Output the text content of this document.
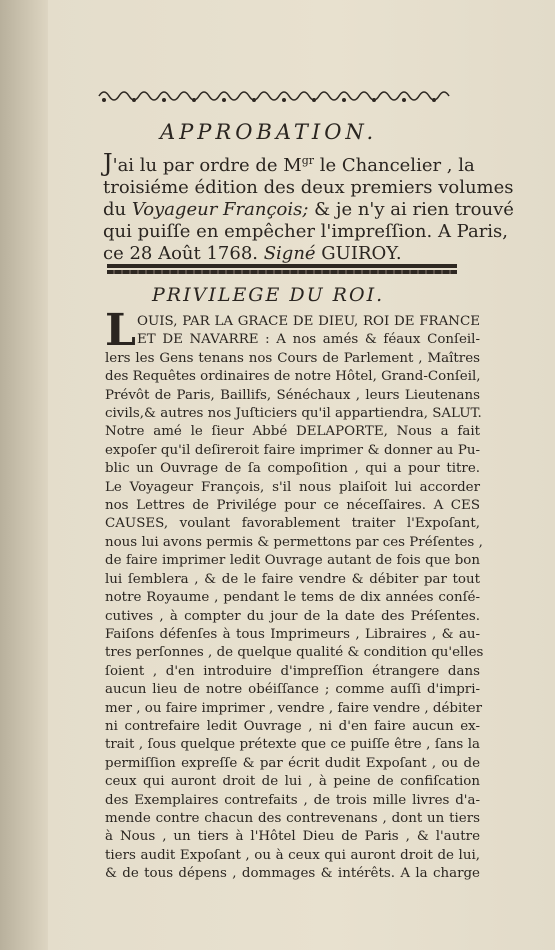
APPROBATION.
J'ai lu par ordre de $M^{gr}$ le Chancelier , la
troisiéme édition des deux premiers volumes
du Voyageur François; & je n'y ai rien trouvé
qui puiſſe en empêcher l'impreſſion. A Paris,
ce 28 Août 1768. Signé GUIROY.
PRIVILEGE DU ROI.
L OUIS, PAR LA GRACE DE DIEU, ROI DE FRANCE
ET DE NAVARRE : A nos amés & féaux Conſeil-
lers les Gens tenans nos Cours de Parlement , Maîtres
des Requêtes ordinaires de notre Hôtel, Grand-Conſeil,
Prévôt de Paris, Baillifs, Sénéchaux , leurs Lieutenans
civils,& autres nos Juſticiers qu'il appartiendra, SALUT.
Notre amé le ſieur Abbé DELAPORTE, Nous a fait
expoſer qu'il deſireroit faire imprimer & donner au Pu-
blic un Ouvrage de ſa compoſition , qui a pour titre.
Le Voyageur François, s'il nous plaiſoit lui accorder
nos Lettres de Privilége pour ce néceſſaires. A CES
CAUSES, voulant favorablement traiter l'Expoſant,
nous lui avons permis & permettons par ces Préſentes ,
de faire imprimer ledit Ouvrage autant de fois que bon
lui ſemblera , & de le faire vendre & débiter par tout
notre Royaume , pendant le tems de dix années conſé-
cutives , à compter du jour de la date des Préſentes.
Faiſons défenſes à tous Imprimeurs , Libraires , & au-
tres perſonnes , de quelque qualité & condition qu'elles
ſoient , d'en introduire d'impreſſion étrangere dans
aucun lieu de notre obéiſſance ; comme auſſi d'impri-
mer , ou faire imprimer , vendre , faire vendre , débiter
ni contrefaire ledit Ouvrage , ni d'en faire aucun ex-
trait , ſous quelque prétexte que ce puiſſe être , ſans la
permiſſion expreſſe & par écrit dudit Expoſant , ou de
ceux qui auront droit de lui , à peine de confiſcation
des Exemplaires contrefaits , de trois mille livres d'a-
mende contre chacun des contrevenans , dont un tiers
à Nous , un tiers à l'Hôtel Dieu de Paris , & l'autre
tiers audit Expoſant , ou à ceux qui auront droit de lui,
& de tous dépens , dommages & intérêts. A la charge
